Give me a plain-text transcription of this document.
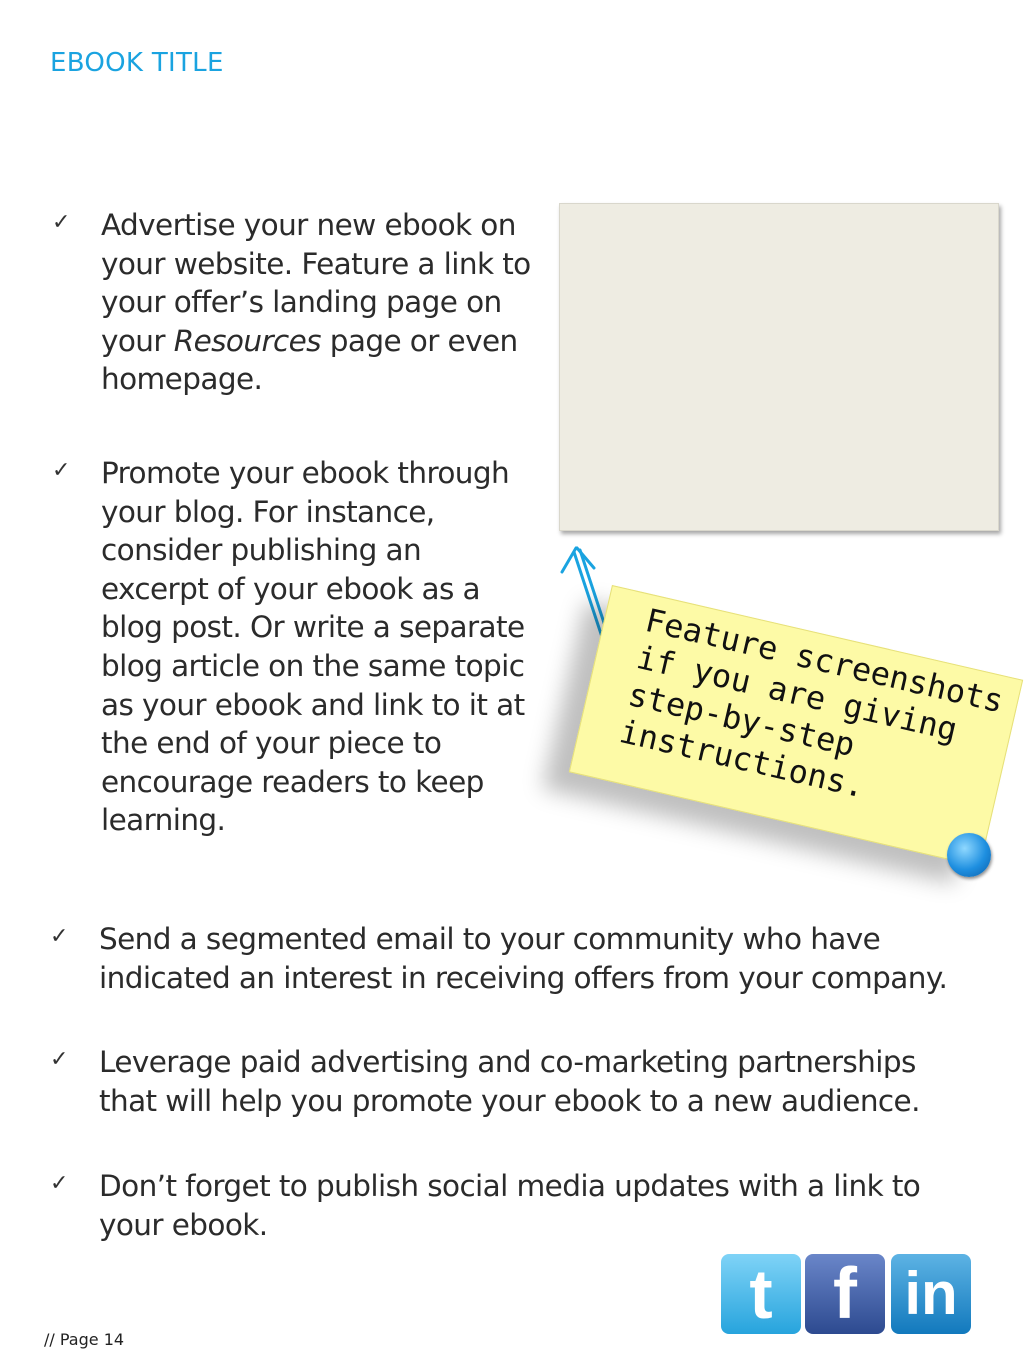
EBOOK TITLE
✓ Advertise your new ebook on your website. Feature a link to your offer’s landing page on your Resources page or even homepage.
✓ Promote your ebook through your blog. For instance, consider publishing an excerpt of your ebook as a blog post. Or write a separate blog article on the same topic as your ebook and link to it at the end of your piece to encourage readers to keep learning.
Feature screenshots if you are giving step-by-step instructions.
✓ Send a segmented email to your community who have indicated an interest in receiving offers from your company.
✓ Leverage paid advertising and co-marketing partnerships that will help you promote your ebook to a new audience.
✓ Don’t forget to publish social media updates with a link to your ebook.
t f in
// Page 14
